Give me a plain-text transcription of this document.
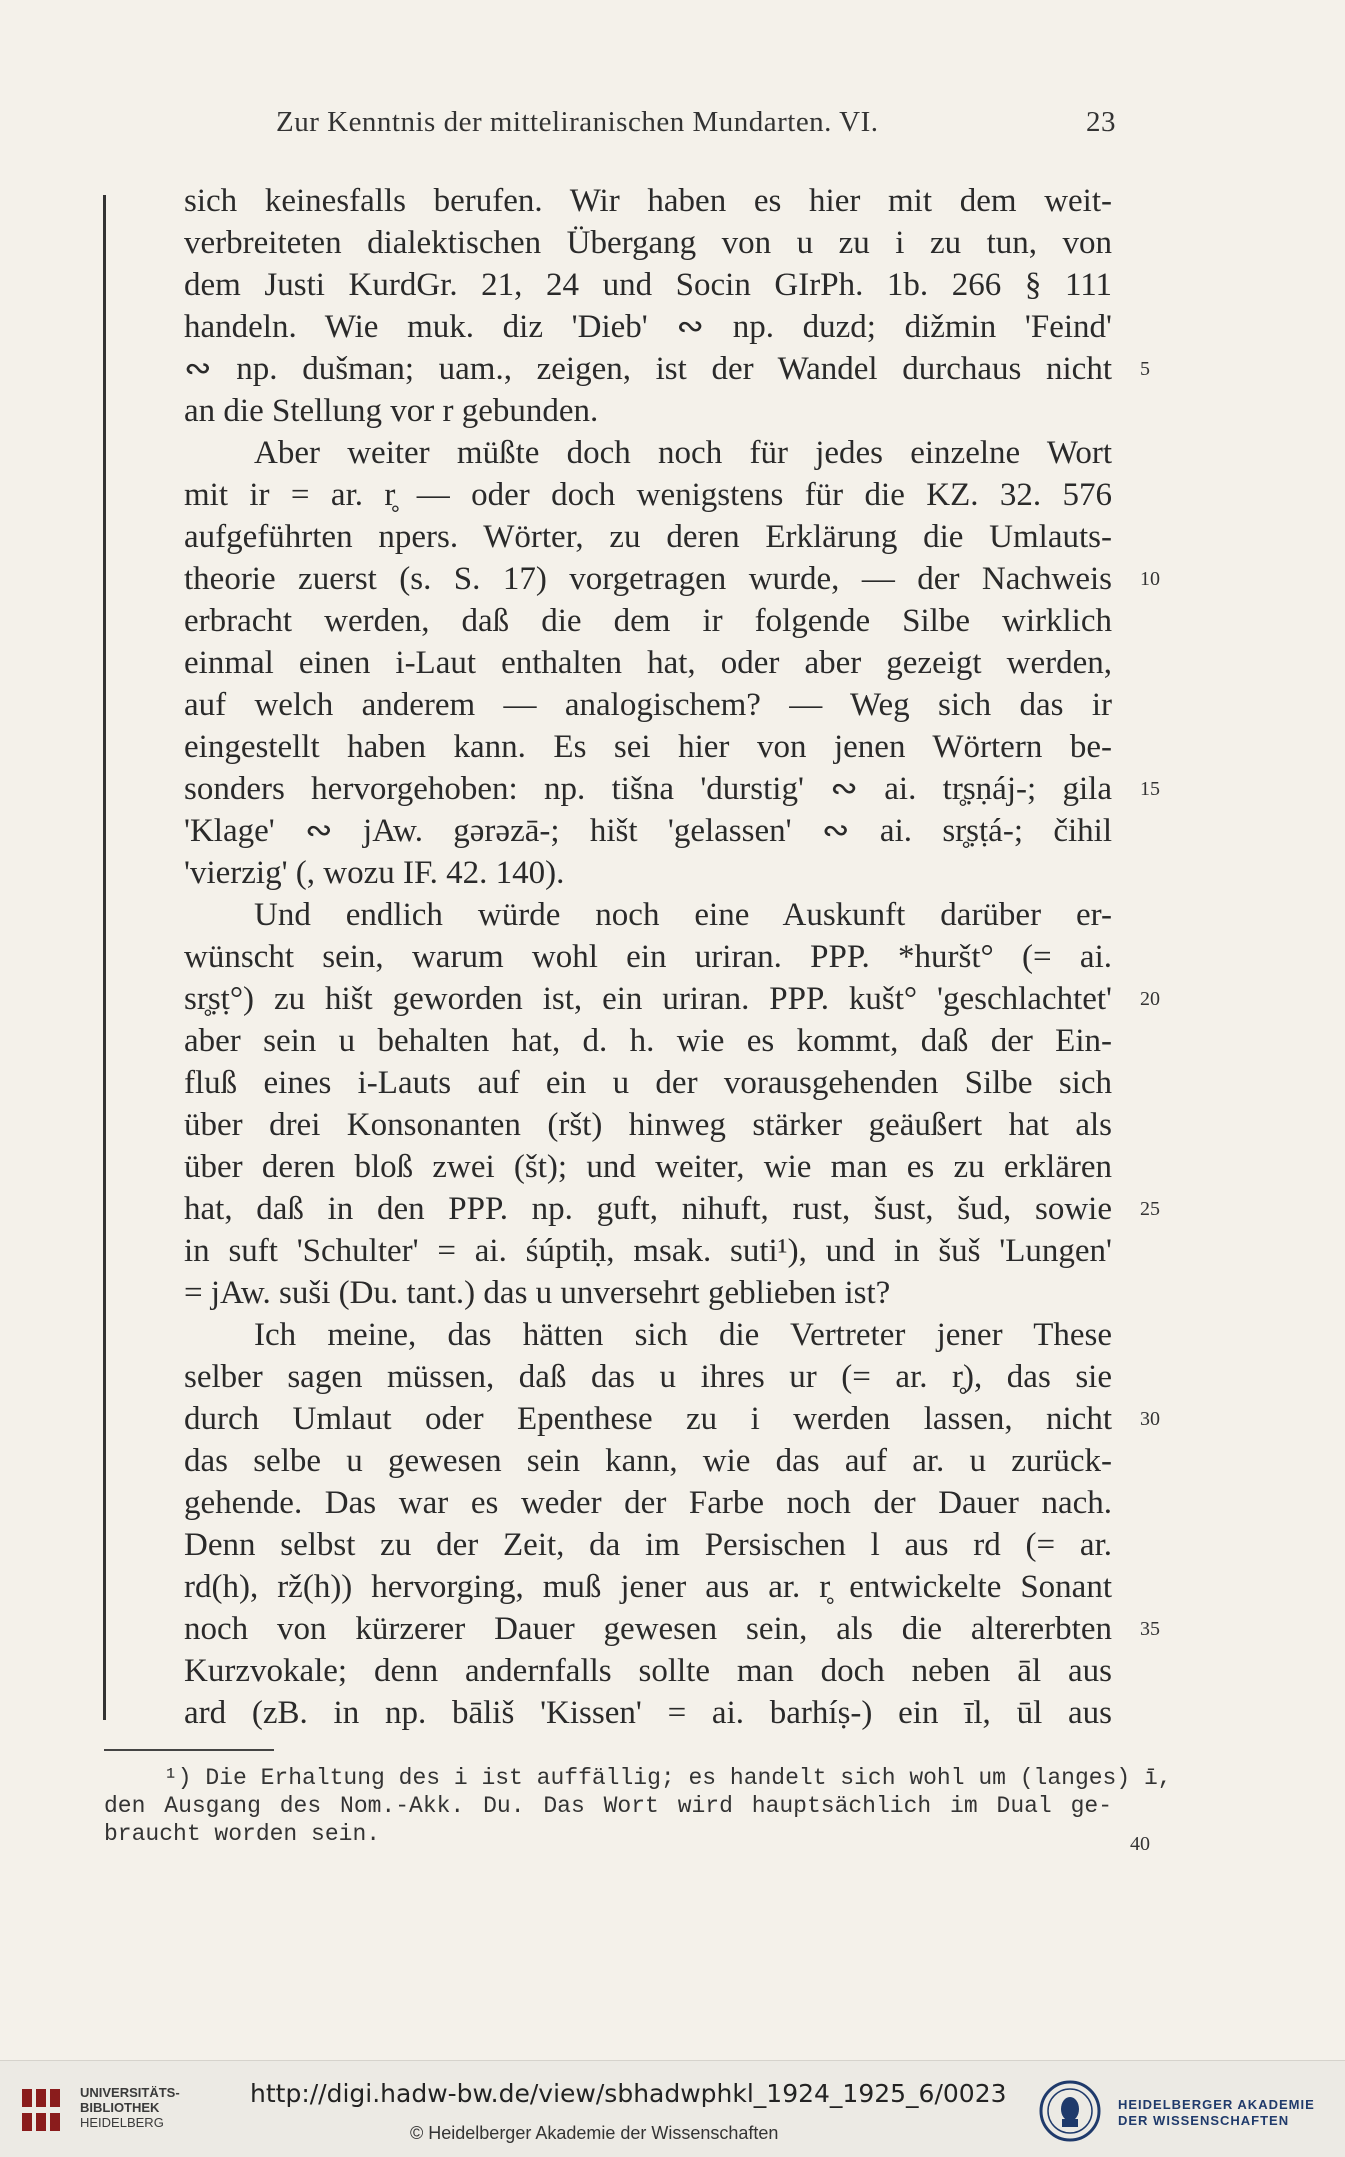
Zur Kenntnis der mitteliranischen Mundarten. VI.	23
sich keinesfalls berufen. Wir haben es hier mit dem weit-
verbreiteten dialektischen Übergang von u zu i zu tun, von
dem Justi KurdGr. 21, 24 und Socin GIrPh. 1b. 266 § 111
handeln. Wie muk. diz 'Dieb' ∾ np. duzd; dižmin 'Feind'
∾ np. dušman; uam., zeigen, ist der Wandel durchaus nicht
an die Stellung vor r gebunden.
Aber weiter müßte doch noch für jedes einzelne Wort
mit ir = ar. r̥ — oder doch wenigstens für die KZ. 32. 576
aufgeführten npers. Wörter, zu deren Erklärung die Umlauts-
theorie zuerst (s. S. 17) vorgetragen wurde, — der Nachweis
erbracht werden, daß die dem ir folgende Silbe wirklich
einmal einen i-Laut enthalten hat, oder aber gezeigt werden,
auf welch anderem — analogischem? — Weg sich das ir
eingestellt haben kann. Es sei hier von jenen Wörtern be-
sonders hervorgehoben: np. tišna 'durstig' ∾ ai. tr̥ṣṇáj-; gila
'Klage' ∾ jAw. gərəzā-; hišt 'gelassen' ∾ ai. sr̥ṣṭá-; čihil
'vierzig' (, wozu IF. 42. 140).
Und endlich würde noch eine Auskunft darüber er-
wünscht sein, warum wohl ein uriran. PPP. *huršt° (= ai.
sr̥ṣṭ°) zu hišt geworden ist, ein uriran. PPP. kušt° 'geschlachtet'
aber sein u behalten hat, d. h. wie es kommt, daß der Ein-
fluß eines i-Lauts auf ein u der vorausgehenden Silbe sich
über drei Konsonanten (ršt) hinweg stärker geäußert hat als
über deren bloß zwei (št); und weiter, wie man es zu erklären
hat, daß in den PPP. np. guft, nihuft, rust, šust, šud, sowie
in suft 'Schulter' = ai. śúptiḥ, msak. suti¹), und in šuš 'Lungen'
= jAw. suši (Du. tant.) das u unversehrt geblieben ist?
Ich meine, das hätten sich die Vertreter jener These
selber sagen müssen, daß das u ihres ur (= ar. r̥), das sie
durch Umlaut oder Epenthese zu i werden lassen, nicht
das selbe u gewesen sein kann, wie das auf ar. u zurück-
gehende. Das war es weder der Farbe noch der Dauer nach.
Denn selbst zu der Zeit, da im Persischen l aus rd (= ar.
rd(h), rž(h)) hervorging, muß jener aus ar. r̥ entwickelte Sonant
noch von kürzerer Dauer gewesen sein, als die altererbten
Kurzvokale; denn andernfalls sollte man doch neben āl aus
ard (zB. in np. bāliš 'Kissen' = ai. barhíṣ-) ein īl, ūl aus
5
10
15
20
25
30
35
¹) Die Erhaltung des i ist auffällig; es handelt sich wohl um (langes) ī,
den Ausgang des Nom.-Akk. Du. Das Wort wird hauptsächlich im Dual ge-
braucht worden sein.	40
UNIVERSITÄTS-
BIBLIOTHEK
HEIDELBERG
http://digi.hadw-bw.de/view/sbhadwphkl_1924_1925_6/0023
© Heidelberger Akademie der Wissenschaften
HEIDELBERGER AKADEMIE
DER WISSENSCHAFTEN
